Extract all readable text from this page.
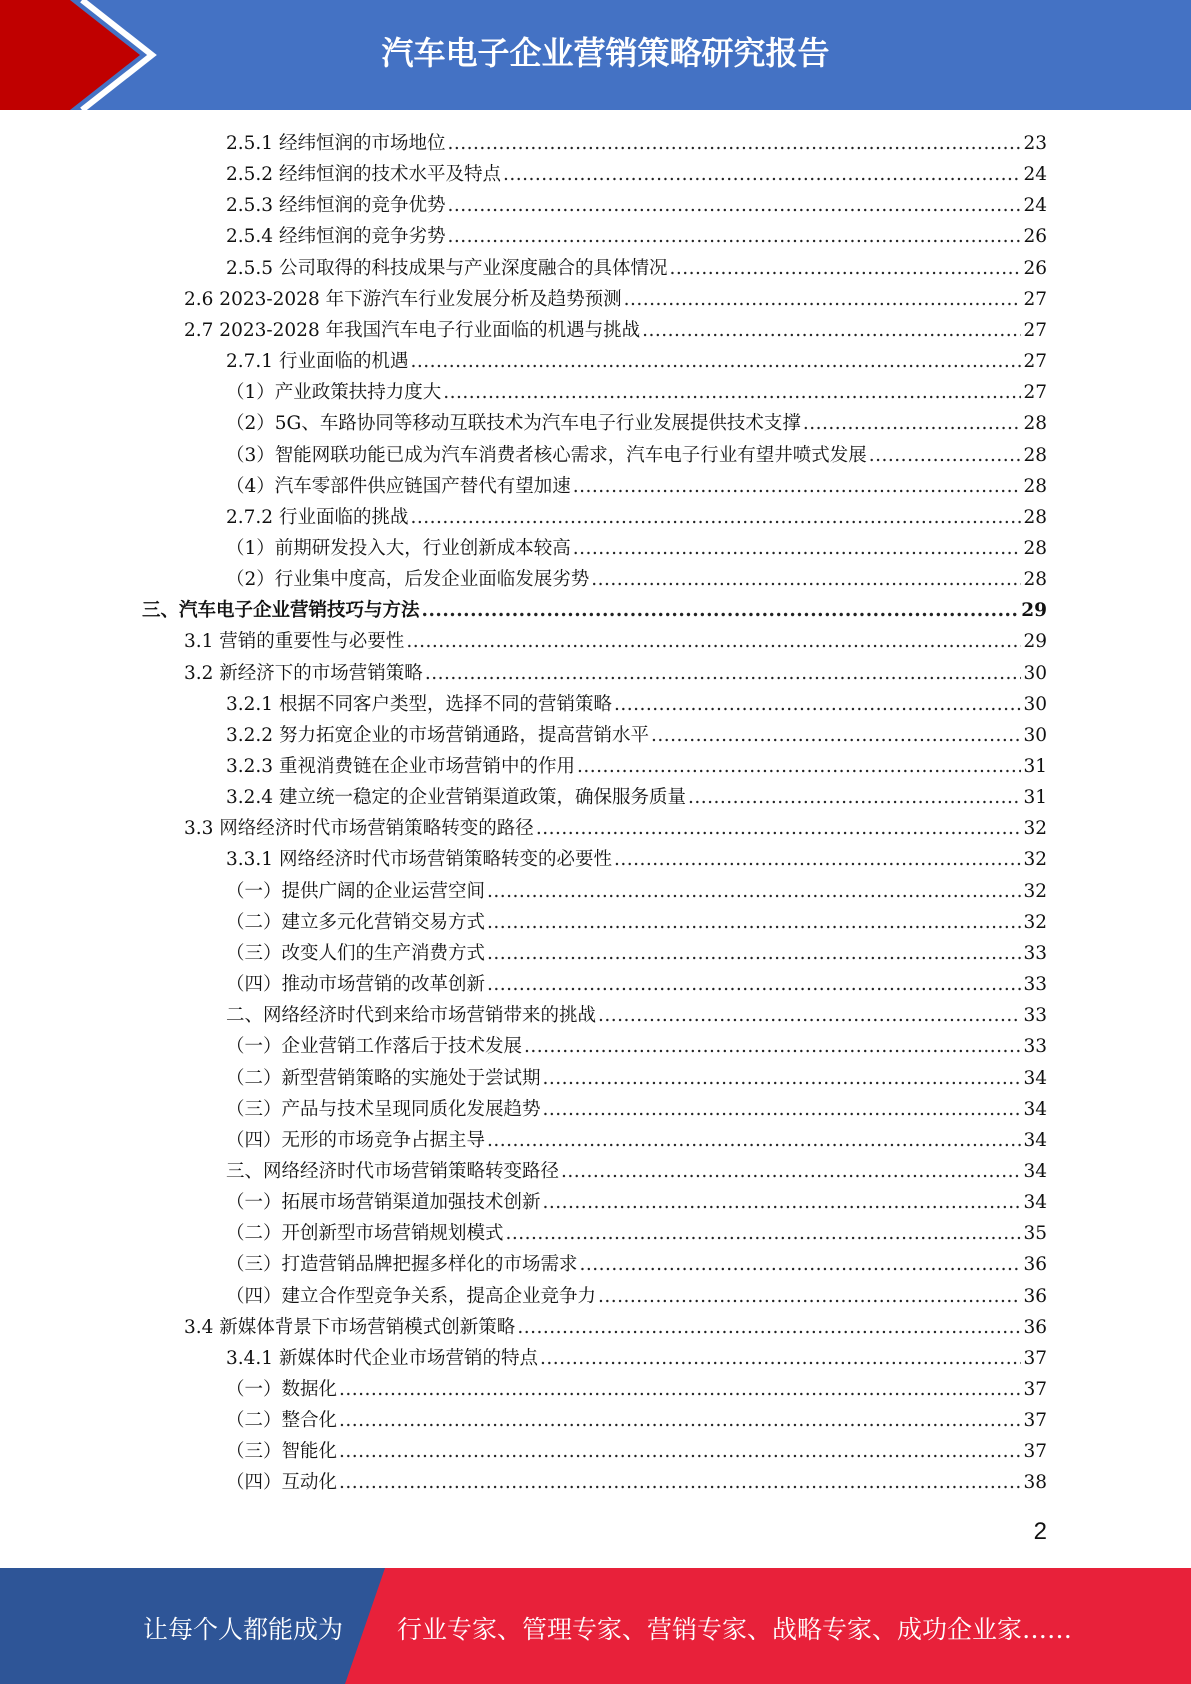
汽车电子企业营销策略研究报告
2.5.1 经纬恒润的市场地位 .....	23
2.5.2 经纬恒润的技术水平及特点 .....	24
2.5.3 经纬恒润的竞争优势 .....	24
2.5.4 经纬恒润的竞争劣势 .....	26
2.5.5 公司取得的科技成果与产业深度融合的具体情况 .....	26
2.6 2023-2028 年下游汽车行业发展分析及趋势预测 .....	27
2.7 2023-2028 年我国汽车电子行业面临的机遇与挑战 .....	27
2.7.1 行业面临的机遇 .....	27
（1）产业政策扶持力度大 .....	27
（2）5G、车路协同等移动互联技术为汽车电子行业发展提供技术支撑 .....	28
（3）智能网联功能已成为汽车消费者核心需求，汽车电子行业有望井喷式发展 .....	28
（4）汽车零部件供应链国产替代有望加速 .....	28
2.7.2 行业面临的挑战 .....	28
（1）前期研发投入大，行业创新成本较高 .....	28
（2）行业集中度高，后发企业面临发展劣势 .....	28
三、汽车电子企业营销技巧与方法 .....	29
3.1 营销的重要性与必要性 .....	29
3.2 新经济下的市场营销策略 .....	30
3.2.1 根据不同客户类型，选择不同的营销策略 .....	30
3.2.2 努力拓宽企业的市场营销通路，提高营销水平 .....	30
3.2.3 重视消费链在企业市场营销中的作用 .....	31
3.2.4 建立统一稳定的企业营销渠道政策，确保服务质量 .....	31
3.3 网络经济时代市场营销策略转变的路径 .....	32
3.3.1 网络经济时代市场营销策略转变的必要性 .....	32
（一）提供广阔的企业运营空间 .....	32
（二）建立多元化营销交易方式 .....	32
（三）改变人们的生产消费方式 .....	33
（四）推动市场营销的改革创新 .....	33
二、网络经济时代到来给市场营销带来的挑战 .....	33
（一）企业营销工作落后于技术发展 .....	33
（二）新型营销策略的实施处于尝试期 .....	34
（三）产品与技术呈现同质化发展趋势 .....	34
（四）无形的市场竞争占据主导 .....	34
三、网络经济时代市场营销策略转变路径 .....	34
（一）拓展市场营销渠道加强技术创新 .....	34
（二）开创新型市场营销规划模式 .....	35
（三）打造营销品牌把握多样化的市场需求 .....	36
（四）建立合作型竞争关系，提高企业竞争力 .....	36
3.4 新媒体背景下市场营销模式创新策略 .....	36
3.4.1 新媒体时代企业市场营销的特点 .....	37
（一）数据化 .....	37
（二）整合化 .....	37
（三）智能化 .....	37
（四）互动化 .....	38
2
让每个人都能成为 行业专家、管理专家、营销专家、战略专家、成功企业家……
